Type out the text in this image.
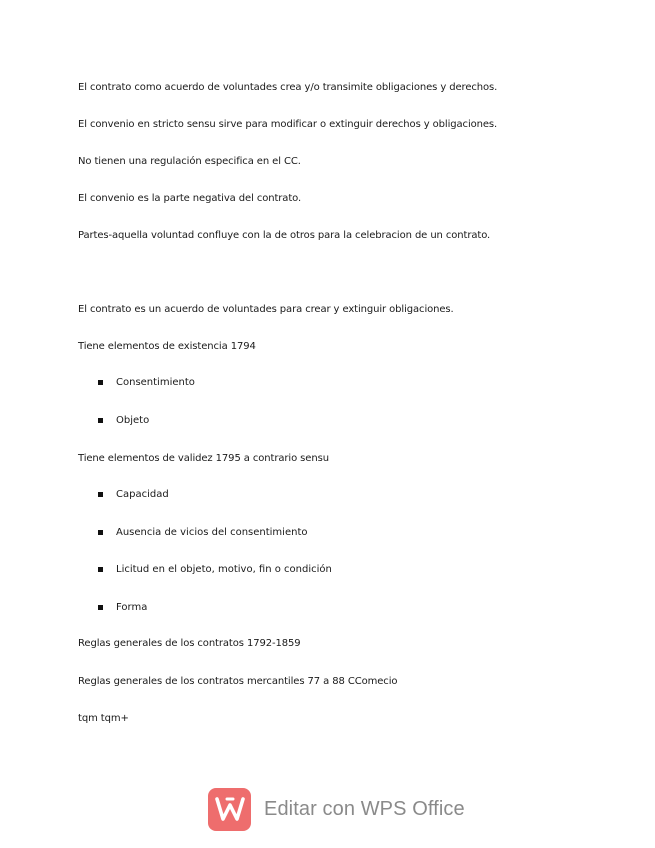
El contrato como acuerdo de voluntades crea y/o transimite obligaciones y derechos.
El convenio en stricto sensu sirve para modificar o extinguir derechos y obligaciones.
No tienen una regulación especifica en el CC.
El convenio es la parte negativa del contrato.
Partes-aquella voluntad confluye con la de otros para la celebracion de un contrato.
El contrato es un acuerdo de voluntades para crear y extinguir obligaciones.
Tiene elementos de existencia 1794
Consentimiento
Objeto
Tiene elementos de validez 1795 a contrario sensu
Capacidad
Ausencia de vicios del consentimiento
Licitud en el objeto, motivo, fin o condición
Forma
Reglas generales de los contratos 1792-1859
Reglas generales de los contratos mercantiles 77 a 88 CComecio
tqm tqm+
Editar con WPS Office
